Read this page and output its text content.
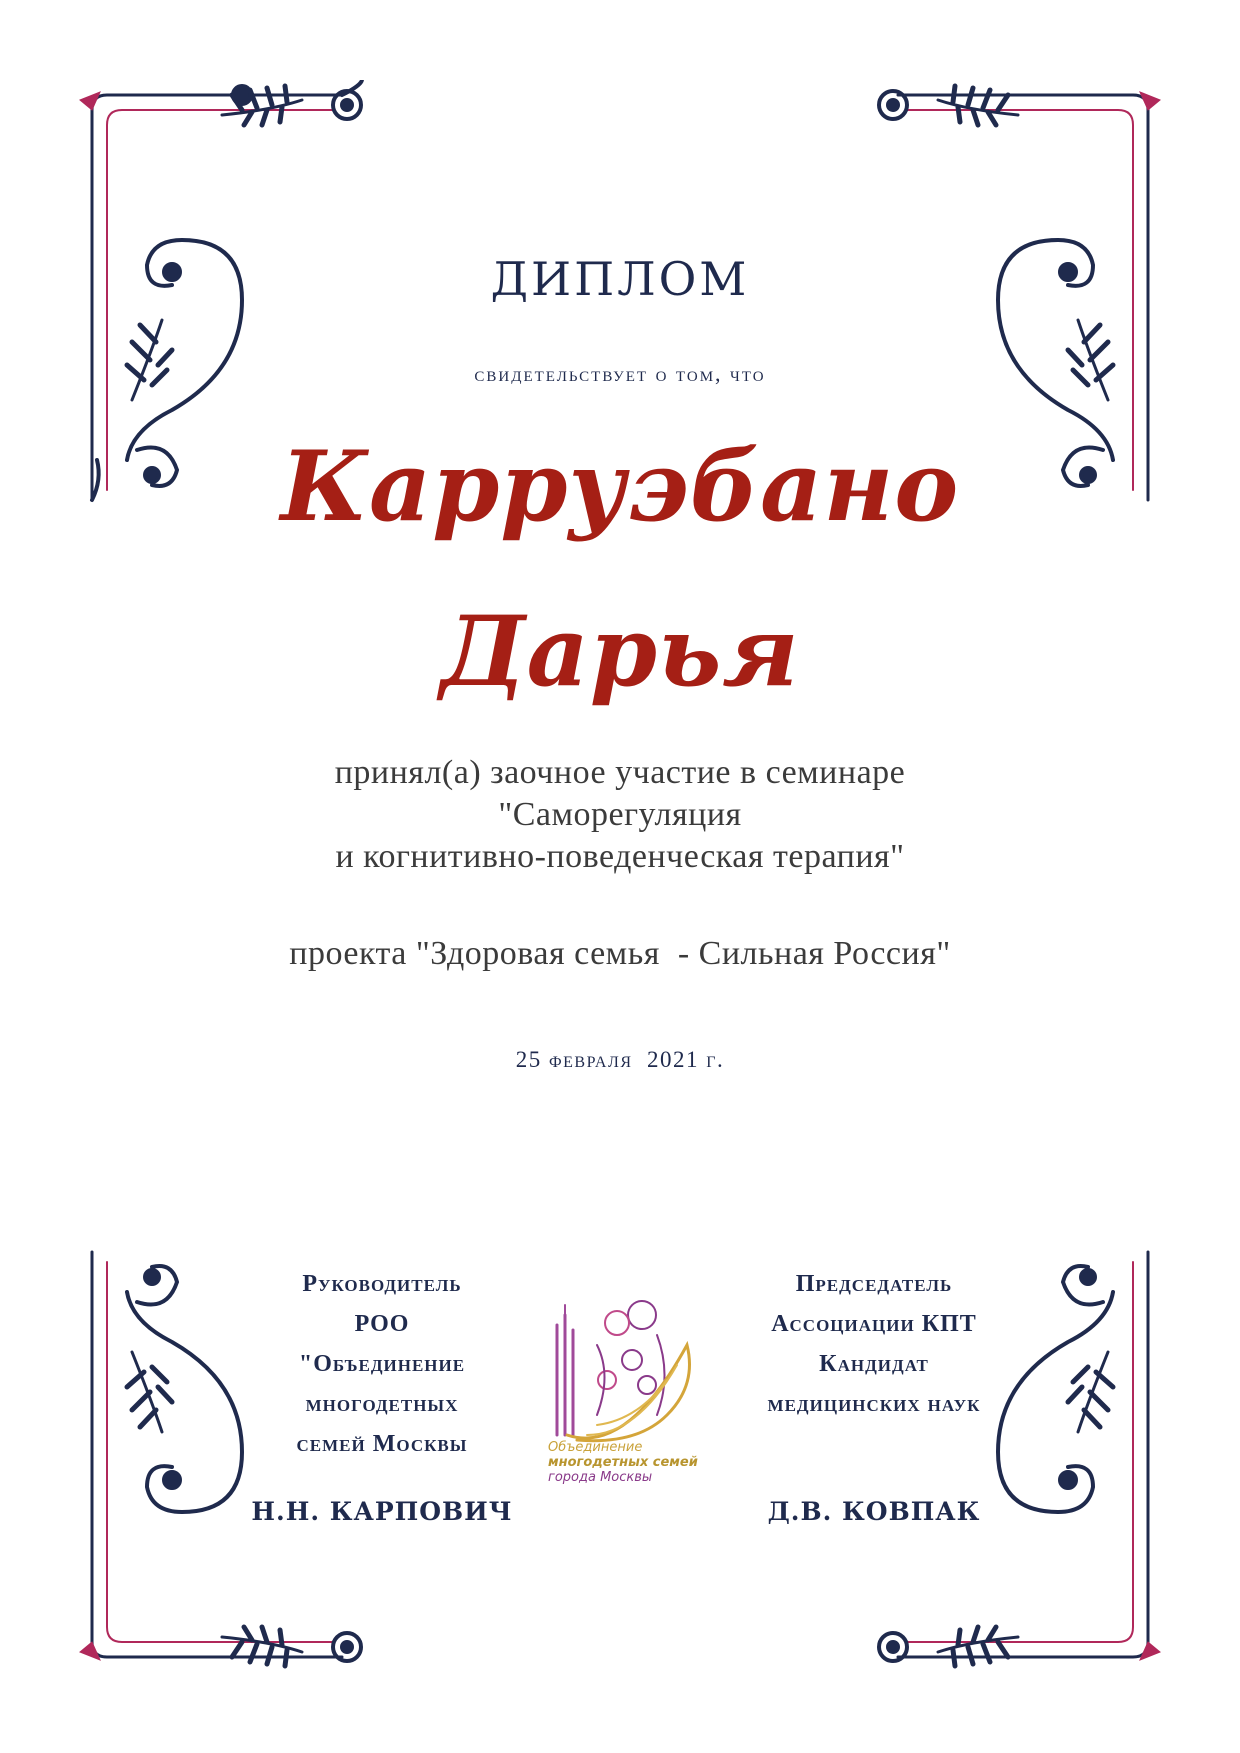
ДИПЛОМ
свидетельствует о том, что
Карруэбано
Дарья
принял(а) заочное участие в семинаре
"Саморегуляция
и когнитивно-поведенческая терапия"
проекта "Здоровая семья  - Сильная Россия"
25 февраля  2021 г.
Руководитель
РОО
"Объединение
многодетных
семей Москвы
Н.Н. КАРПОВИЧ
Председатель
Ассоциации КПТ
Кандидат
медицинских наук
Д.В. КОВПАК
Объединение
многодетных семей
города Москвы
